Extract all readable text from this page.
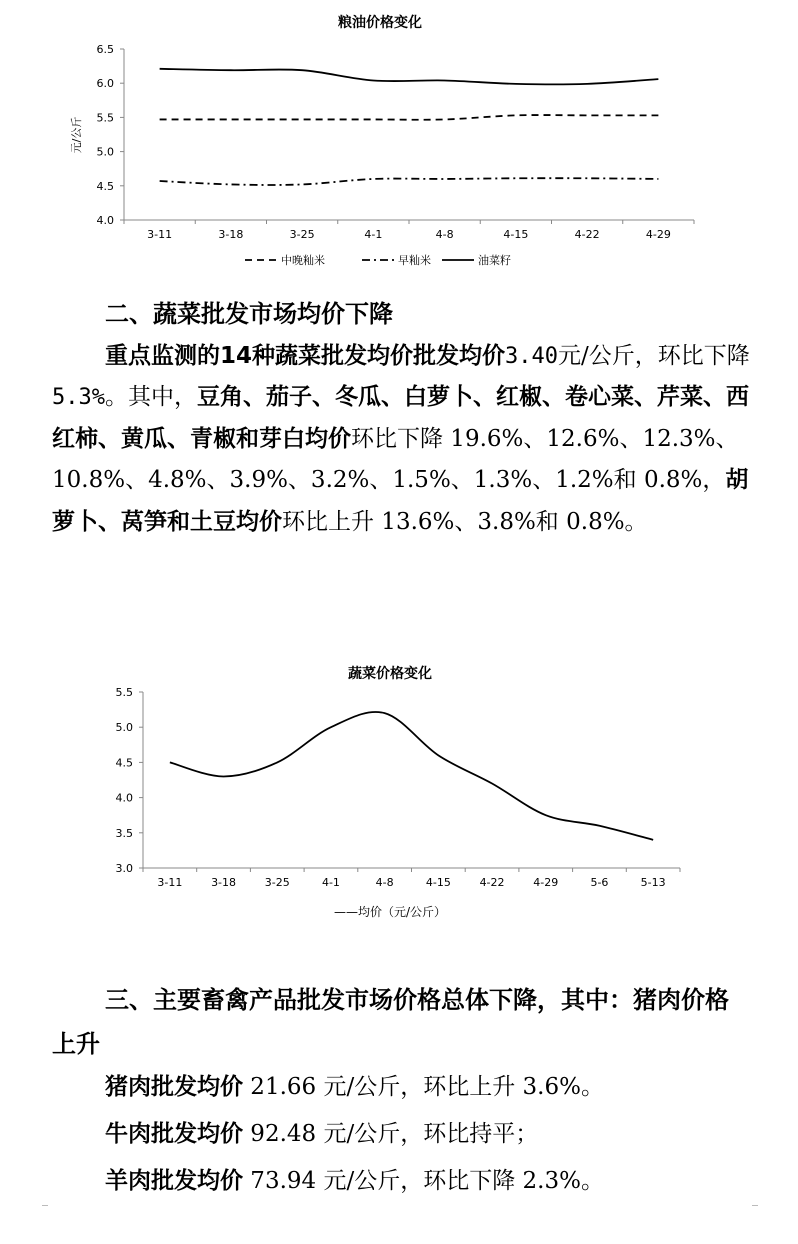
粮油价格变化
元/公斤
4.0
4.5
5.0
5.5
6.0
6.5
3-11	3-18	3-25	4-1	4-8	4-15	4-22	4-29
中晚籼米	早籼米	油菜籽
二、蔬菜批发市场均价下降

重点监测的14种蔬菜批发均价批发均价3.40元/公斤，环比下降5.3%。其中，豆角、茄子、冬瓜、白萝卜、红椒、卷心菜、芹菜、西红柿、黄瓜、青椒和芽白均价环比下降 19.6%、12.6%、12.3%、10.8%、4.8%、3.9%、3.2%、1.5%、1.3%、1.2%和 0.8%，胡萝卜、莴笋和土豆均价环比上升 13.6%、3.8%和 0.8%。

蔬菜价格变化
3.0
3.5
4.0
4.5
5.0
5.5
3-11	3-18	3-25	4-1	4-8	4-15	4-22	4-29	5-6	5-13
——均价（元/公斤）
三、主要畜禽产品批发市场价格总体下降，其中：猪肉价格上升

猪肉批发均价 21.66 元/公斤，环比上升 3.6%。

牛肉批发均价 92.48 元/公斤，环比持平；

羊肉批发均价 73.94 元/公斤，环比下降 2.3%。
